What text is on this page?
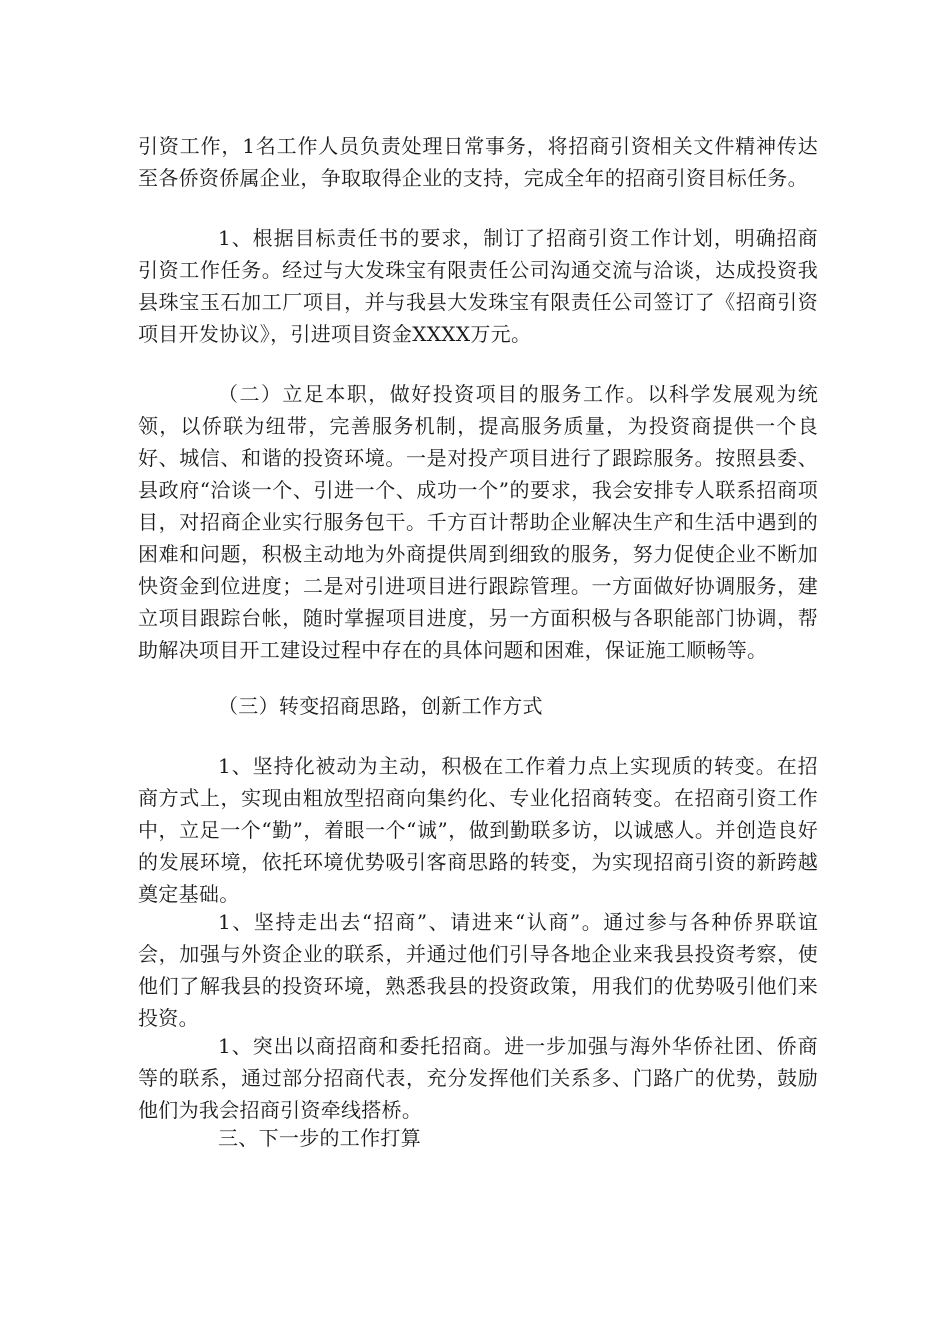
引资工作，1名工作人员负责处理日常事务，将招商引资相关文件精神传达至各侨资侨属企业，争取取得企业的支持，完成全年的招商引资目标任务。

1、根据目标责任书的要求，制订了招商引资工作计划，明确招商引资工作任务。经过与大发珠宝有限责任公司沟通交流与洽谈，达成投资我县珠宝玉石加工厂项目，并与我县大发珠宝有限责任公司签订了《招商引资项目开发协议》，引进项目资金XXXX万元。

（二）立足本职，做好投资项目的服务工作。以科学发展观为统领，以侨联为纽带，完善服务机制，提高服务质量，为投资商提供一个良好、城信、和谐的投资环境。一是对投产项目进行了跟踪服务。按照县委、县政府“洽谈一个、引进一个、成功一个”的要求，我会安排专人联系招商项目，对招商企业实行服务包干。千方百计帮助企业解决生产和生活中遇到的困难和问题，积极主动地为外商提供周到细致的服务，努力促使企业不断加快资金到位进度；二是对引进项目进行跟踪管理。一方面做好协调服务，建立项目跟踪台帐，随时掌握项目进度，另一方面积极与各职能部门协调，帮助解决项目开工建设过程中存在的具体问题和困难，保证施工顺畅等。

（三）转变招商思路，创新工作方式

1、坚持化被动为主动，积极在工作着力点上实现质的转变。在招商方式上，实现由粗放型招商向集约化、专业化招商转变。在招商引资工作中，立足一个“勤”，着眼一个“诚”，做到勤联多访，以诚感人。并创造良好的发展环境，依托环境优势吸引客商思路的转变，为实现招商引资的新跨越奠定基础。

1、坚持走出去“招商”、请进来“认商”。通过参与各种侨界联谊会，加强与外资企业的联系，并通过他们引导各地企业来我县投资考察，使他们了解我县的投资环境，熟悉我县的投资政策，用我们的优势吸引他们来投资。

1、突出以商招商和委托招商。进一步加强与海外华侨社团、侨商等的联系，通过部分招商代表，充分发挥他们关系多、门路广的优势，鼓励他们为我会招商引资牵线搭桥。

三、下一步的工作打算
